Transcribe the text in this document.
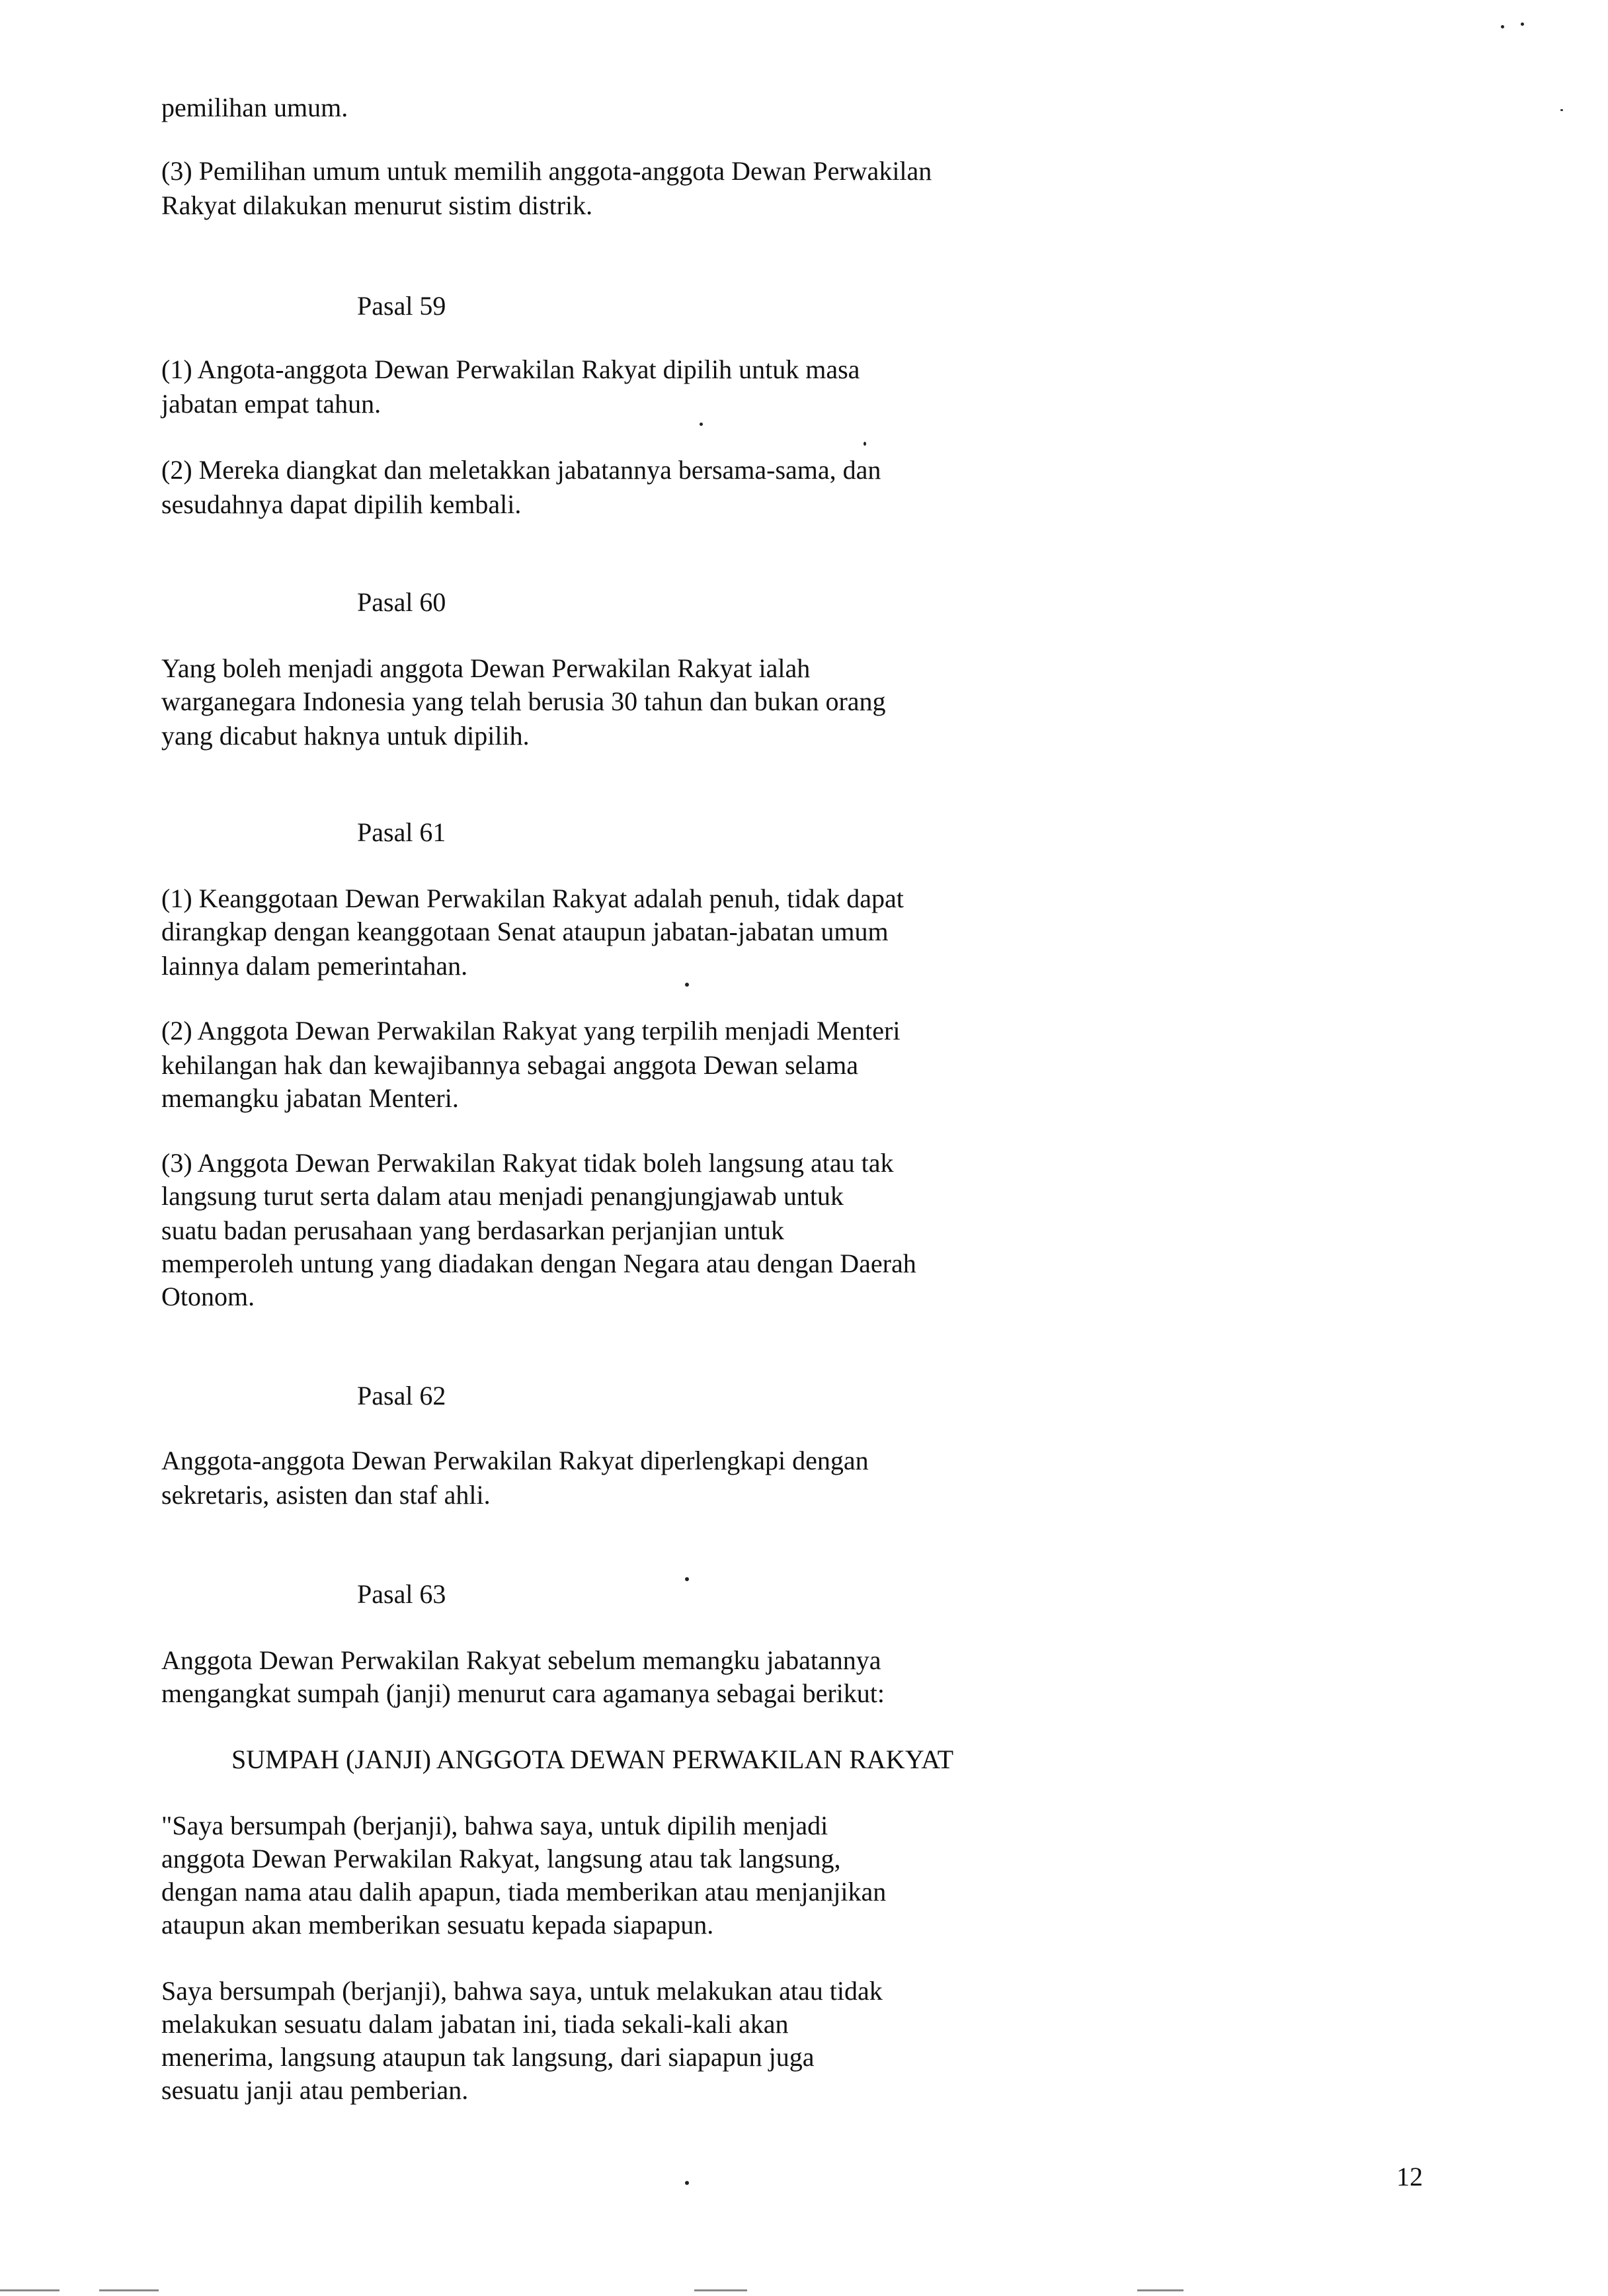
pemilihan umum.

(3) Pemilihan umum untuk memilih anggota-anggota Dewan Perwakilan

Rakyat dilakukan menurut sistim distrik.

Pasal 59

(1) Angota-anggota Dewan Perwakilan Rakyat dipilih untuk masa

jabatan empat tahun.

(2) Mereka diangkat dan meletakkan jabatannya bersama-sama, dan

sesudahnya dapat dipilih kembali.

Pasal 60

Yang boleh menjadi anggota Dewan Perwakilan Rakyat ialah

warganegara Indonesia yang telah berusia 30 tahun dan bukan orang

yang dicabut haknya untuk dipilih.

Pasal 61

(1) Keanggotaan Dewan Perwakilan Rakyat adalah penuh, tidak dapat

dirangkap dengan keanggotaan Senat ataupun jabatan-jabatan umum

lainnya dalam pemerintahan.

(2) Anggota Dewan Perwakilan Rakyat yang terpilih menjadi Menteri

kehilangan hak dan kewajibannya sebagai anggota Dewan selama

memangku jabatan Menteri.

(3) Anggota Dewan Perwakilan Rakyat tidak boleh langsung atau tak

langsung turut serta dalam atau menjadi penangjungjawab untuk

suatu badan perusahaan yang berdasarkan perjanjian untuk

memperoleh untung yang diadakan dengan Negara atau dengan Daerah

Otonom.

Pasal 62

Anggota-anggota Dewan Perwakilan Rakyat diperlengkapi dengan

sekretaris, asisten dan staf ahli.

Pasal 63

Anggota Dewan Perwakilan Rakyat sebelum memangku jabatannya

mengangkat sumpah (janji) menurut cara agamanya sebagai berikut:

SUMPAH (JANJI) ANGGOTA DEWAN PERWAKILAN RAKYAT

"Saya bersumpah (berjanji), bahwa saya, untuk dipilih menjadi

anggota Dewan Perwakilan Rakyat, langsung atau tak langsung,

dengan nama atau dalih apapun, tiada memberikan atau menjanjikan

ataupun akan memberikan sesuatu kepada siapapun.

Saya bersumpah (berjanji), bahwa saya, untuk melakukan atau tidak

melakukan sesuatu dalam jabatan ini, tiada sekali-kali akan

menerima, langsung ataupun tak langsung, dari siapapun juga

sesuatu janji atau pemberian.

12
